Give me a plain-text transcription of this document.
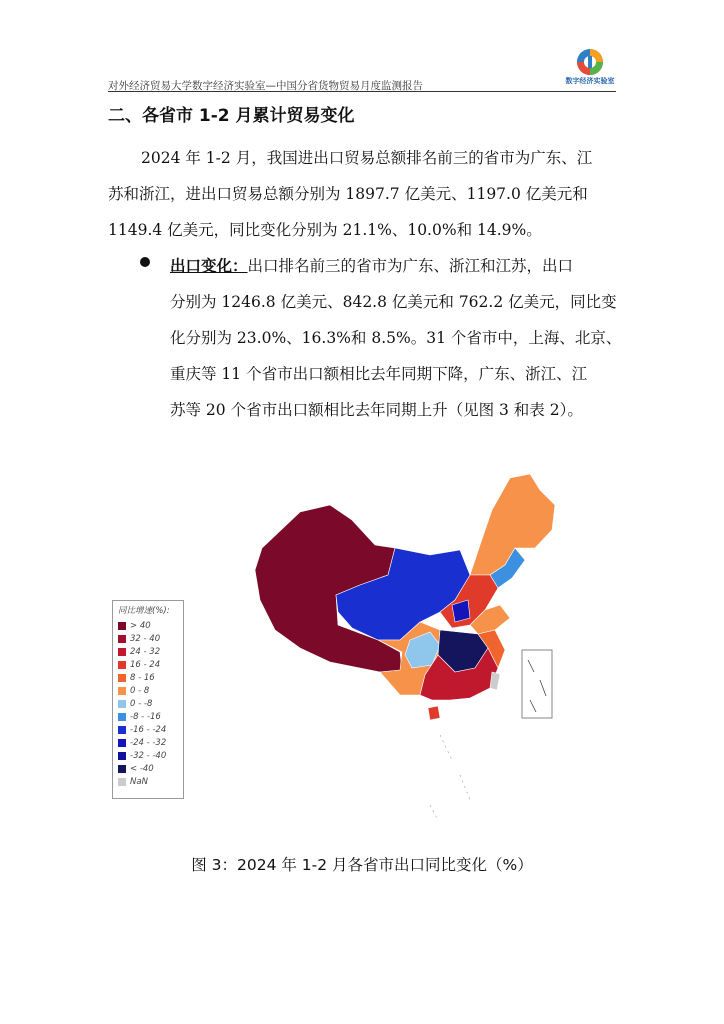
对外经济贸易大学数字经济实验室—中国分省货物贸易月度监测报告	数字经济实验室
二、各省市 1-2 月累计贸易变化
2024 年 1-2 月，我国进出口贸易总额排名前三的省市为广东、江
苏和浙江，进出口贸易总额分别为 1897.7 亿美元、1197.0 亿美元和
1149.4 亿美元，同比变化分别为 21.1%、10.0%和 14.9%。
出口变化：出口排名前三的省市为广东、浙江和江苏，出口
分别为 1246.8 亿美元、842.8 亿美元和 762.2 亿美元，同比变
化分别为 23.0%、16.3%和 8.5%。31 个省市中，上海、北京、
重庆等 11 个省市出口额相比去年同期下降，广东、浙江、江
苏等 20 个省市出口额相比去年同期上升（见图 3 和表 2）。
同比增速(%):
> 40
32 - 40
24 - 32
16 - 24
8 - 16
0 - 8
0 - -8
-8 - -16
-16 - -24
-24 - -32
-32 - -40
< -40
NaN
图 3：2024 年 1-2 月各省市出口同比变化（%）
